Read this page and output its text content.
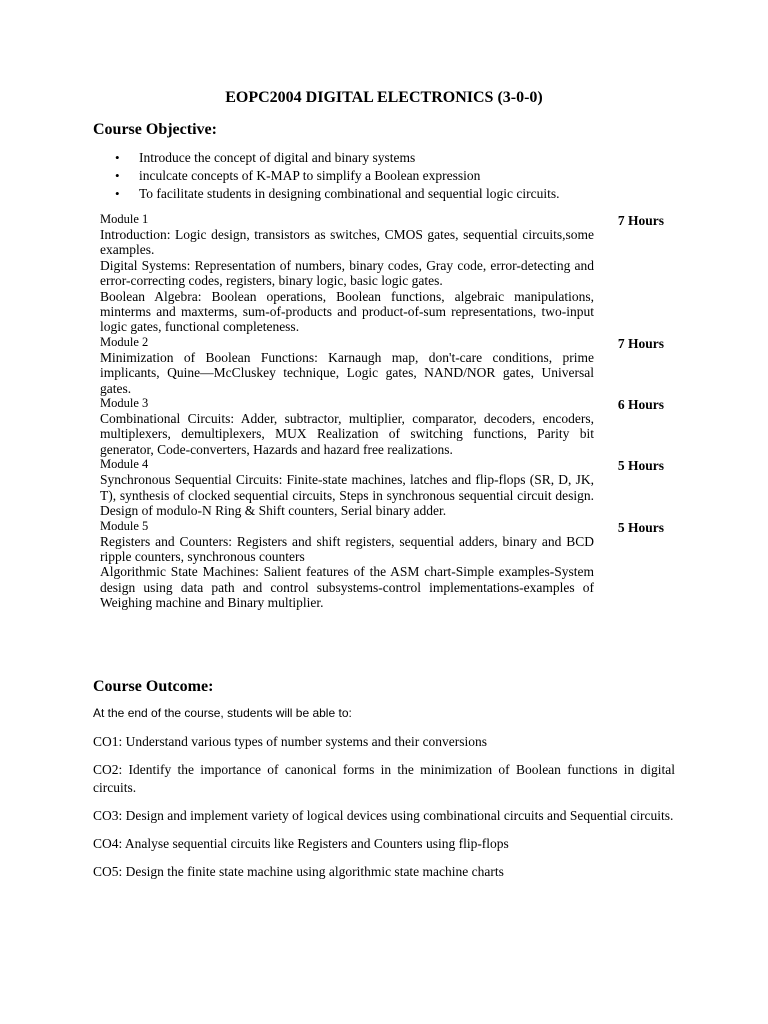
EOPC2004 DIGITAL ELECTRONICS (3-0-0)
Course Objective:
• Introduce the concept of digital and binary systems
• inculcate concepts of K-MAP to simplify a Boolean expression
• To facilitate students in designing combinational and sequential logic circuits.

Module 1	7 Hours

Introduction: Logic design, transistors as switches, CMOS gates, sequential circuits,some examples.

Digital Systems: Representation of numbers, binary codes, Gray code, error-detecting and error-correcting codes, registers, binary logic, basic logic gates.

Boolean Algebra: Boolean operations, Boolean functions, algebraic manipulations, minterms and maxterms, sum-of-products and product-of-sum representations, two-input logic gates, functional completeness.

Module 2	7 Hours

Minimization of Boolean Functions: Karnaugh map, don't-care conditions, prime implicants, Quine—McCluskey technique, Logic gates, NAND/NOR gates, Universal gates.

Module 3	6 Hours

Combinational Circuits: Adder, subtractor, multiplier, comparator, decoders, encoders, multiplexers, demultiplexers, MUX Realization of switching functions, Parity bit generator, Code-converters, Hazards and hazard free realizations.

Module 4	5 Hours

Synchronous Sequential Circuits: Finite-state machines, latches and flip-flops (SR, D, JK, T), synthesis of clocked sequential circuits, Steps in synchronous sequential circuit design. Design of modulo-N Ring & Shift counters, Serial binary adder.

Module 5	5 Hours

Registers and Counters: Registers and shift registers, sequential adders, binary and BCD ripple counters, synchronous counters

Algorithmic State Machines: Salient features of the ASM chart-Simple examples-System design using data path and control subsystems-control implementations-examples of Weighing machine and Binary multiplier.

Course Outcome:

At the end of the course, students will be able to:

CO1: Understand various types of number systems and their conversions

CO2: Identify the importance of canonical forms in the minimization of Boolean functions in digital circuits.

CO3: Design and implement variety of logical devices using combinational circuits and Sequential circuits.

CO4: Analyse sequential circuits like Registers and Counters using flip-flops

CO5: Design the finite state machine using algorithmic state machine charts
